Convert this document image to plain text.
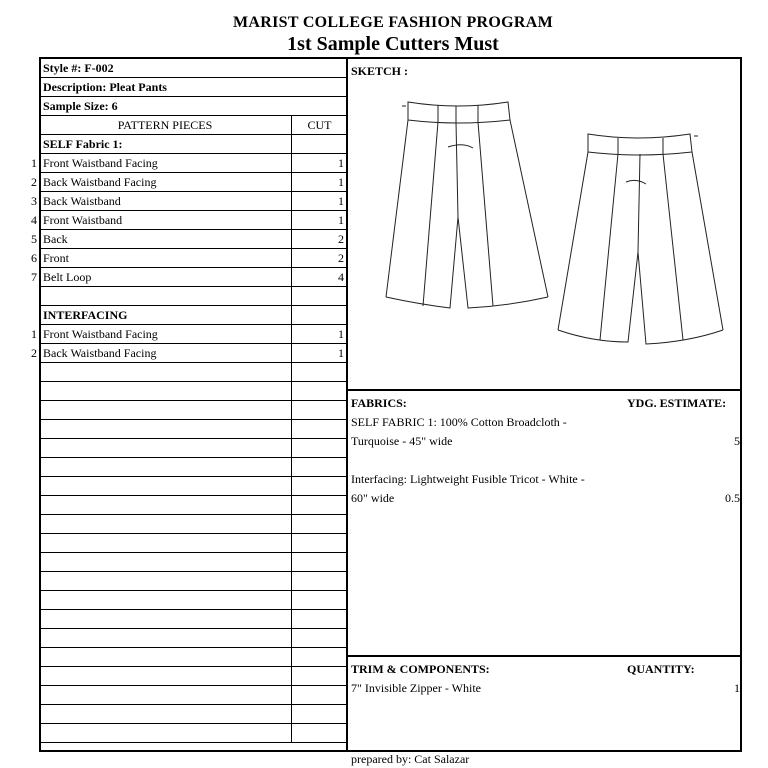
MARIST COLLEGE FASHION PROGRAM
1st Sample Cutters Must
Style #: F-002
Description: Pleat Pants
Sample Size: 6
PATTERN PIECES	CUT
SELF Fabric 1:
1 Front Waistband Facing	1
2 Back Waistband Facing	1
3 Back Waistband	1
4 Front Waistband	1
5 Back	2
6 Front	2
7 Belt Loop	4
INTERFACING
1 Front Waistband Facing	1
2 Back Waistband Facing	1
SKETCH :
FABRICS:	YDG. ESTIMATE:
SELF FABRIC 1: 100% Cotton Broadcloth -
Turquoise - 45" wide	5
Interfacing: Lightweight Fusible Tricot - White -
60" wide	0.5
TRIM & COMPONENTS:	QUANTITY:
7" Invisible Zipper - White	1
prepared by: Cat Salazar
